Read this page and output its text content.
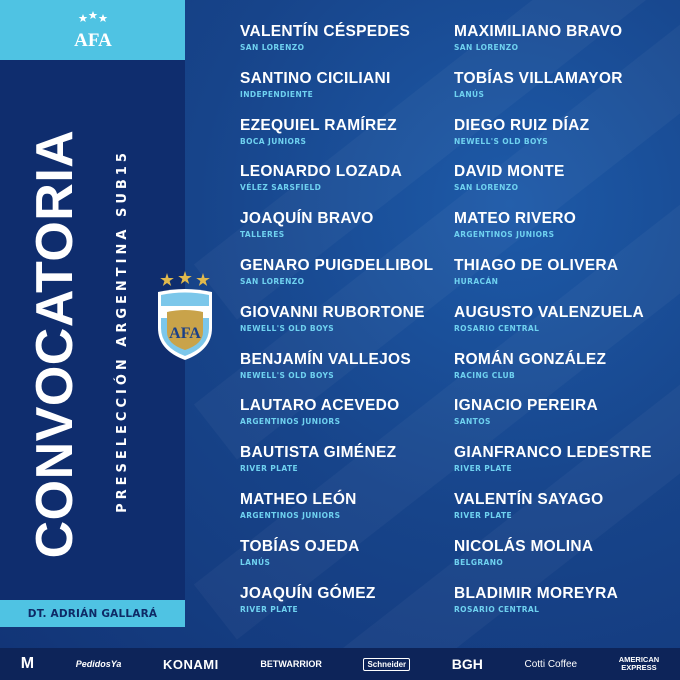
AFA
DT. ADRIÁN GALLARÁ
CONVOCATORIA PRESELECCIÓN ARGENTINA SUB15 AFA
VALENTÍN CÉSPEDES
SAN LORENZO
SANTINO CICILIANI
INDEPENDIENTE
EZEQUIEL RAMÍREZ
BOCA JUNIORS
LEONARDO LOZADA
VÉLEZ SARSFIELD
JOAQUÍN BRAVO
TALLERES
GENARO PUIGDELLIBOL
SAN LORENZO
GIOVANNI RUBORTONE
NEWELL'S OLD BOYS
BENJAMÍN VALLEJOS
NEWELL'S OLD BOYS
LAUTARO ACEVEDO
ARGENTINOS JUNIORS
BAUTISTA GIMÉNEZ
RIVER PLATE
MATHEO LEÓN
ARGENTINOS JUNIORS
TOBÍAS OJEDA
LANÚS
JOAQUÍN GÓMEZ
RIVER PLATE
MAXIMILIANO BRAVO
SAN LORENZO
TOBÍAS VILLAMAYOR
LANÚS
DIEGO RUIZ DÍAZ
NEWELL'S OLD BOYS
DAVID MONTE
SAN LORENZO
MATEO RIVERO
ARGENTINOS JUNIORS
THIAGO DE OLIVERA
HURACÁN
AUGUSTO VALENZUELA
ROSARIO CENTRAL
ROMÁN GONZÁLEZ
RACING CLUB
IGNACIO PEREIRA
SANTOS
GIANFRANCO LEDESTRE
RIVER PLATE
VALENTÍN SAYAGO
RIVER PLATE
NICOLÁS MOLINA
BELGRANO
BLADIMIR MOREYRA
ROSARIO CENTRAL
M	PedidosYa	KONAMI	BETWARRIOR	Schneider	BGH	Cotti Coffee	AMERICAN
EXPRESS
